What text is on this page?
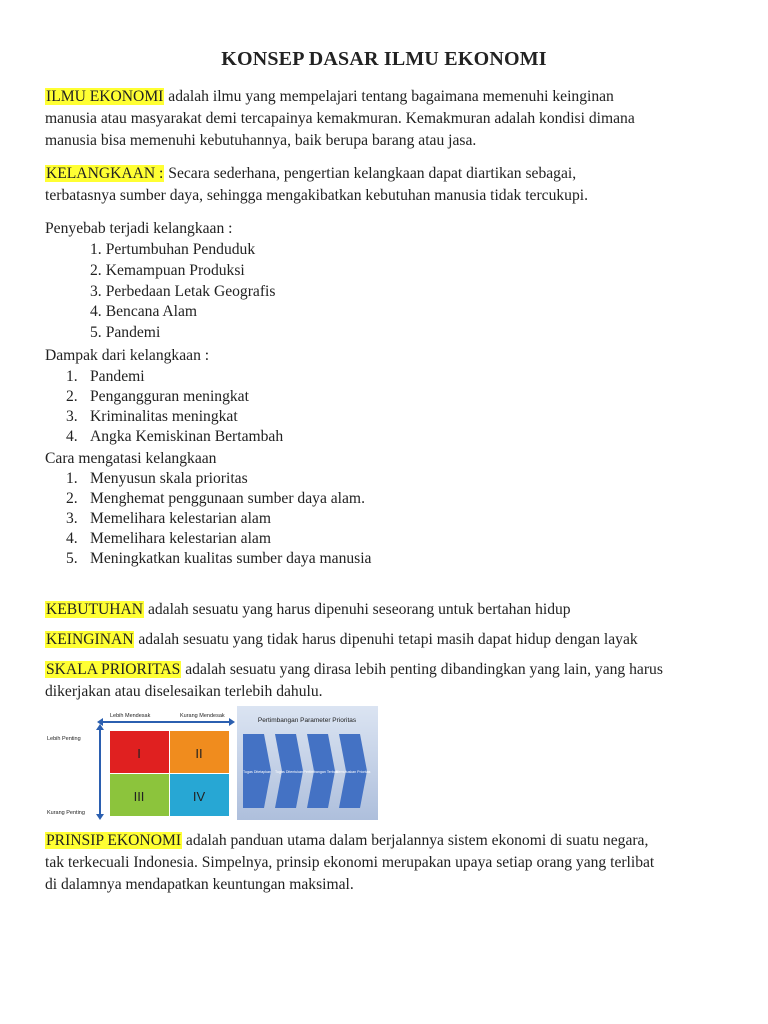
KONSEP DASAR ILMU EKONOMI
ILMU EKONOMI adalah ilmu yang mempelajari tentang bagaimana memenuhi keinginan
manusia atau masyarakat demi tercapainya kemakmuran. Kemakmuran adalah kondisi dimana
manusia bisa memenuhi kebutuhannya, baik berupa barang atau jasa.
KELANGKAAN : Secara sederhana, pengertian kelangkaan dapat diartikan sebagai,
terbatasnya sumber daya, sehingga mengakibatkan kebutuhan manusia tidak tercukupi.
Penyebab terjadi kelangkaan :
1. Pertumbuhan Penduduk
2. Kemampuan Produksi
3. Perbedaan Letak Geografis
4. Bencana Alam
5. Pandemi
Dampak dari kelangkaan :
1. Pandemi
2. Pengangguran meningkat
3. Kriminalitas meningkat
4. Angka Kemiskinan Bertambah
Cara mengatasi kelangkaan
1. Menyusun skala prioritas
2. Menghemat penggunaan sumber daya alam.
3. Memelihara kelestarian alam
4. Memelihara kelestarian alam
5. Meningkatkan kualitas sumber daya manusia
KEBUTUHAN adalah sesuatu yang harus dipenuhi seseorang untuk bertahan hidup
KEINGINAN adalah sesuatu yang tidak harus dipenuhi tetapi masih dapat hidup dengan layak
SKALA PRIORITAS adalah sesuatu yang dirasa lebih penting dibandingkan yang lain, yang harus
dikerjakan atau diselesaikan terlebih dahulu.
Lebih Mendesak	Kurang Mendesak
Lebih Penting
Kurang Penting
I	II
III	IV
Pertimbangan Parameter Prioritas
Tugas Ditetapkan Tugas Ditentukan Pertimbangan Terbaik
Memutuskan Prioritas
PRINSIP EKONOMI adalah panduan utama dalam berjalannya sistem ekonomi di suatu negara,
tak terkecuali Indonesia. Simpelnya, prinsip ekonomi merupakan upaya setiap orang yang terlibat
di dalamnya mendapatkan keuntungan maksimal.
